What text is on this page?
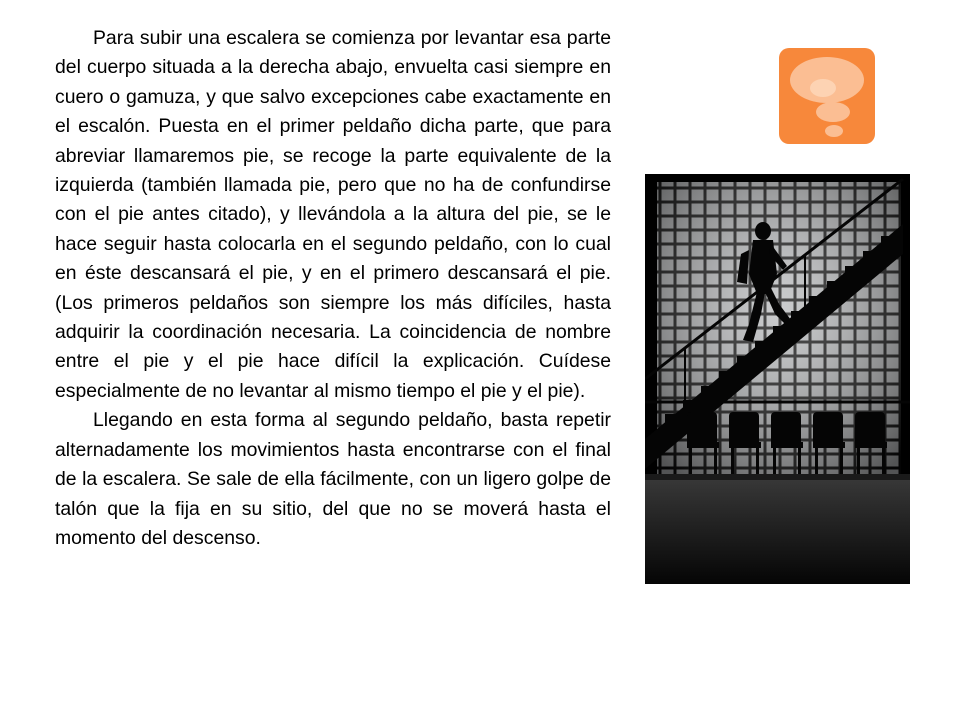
Para subir una escalera se comienza por levantar esa parte del cuerpo situada a la derecha abajo, envuelta casi siempre en cuero o gamuza, y que salvo excepciones cabe exactamente en el escalón. Puesta en el primer peldaño dicha parte, que para abreviar llamaremos pie, se recoge la parte equivalente de la izquierda (también llamada pie, pero que no ha de confundirse con el pie antes citado), y llevándola a la altura del pie, se le hace seguir hasta colocarla en el segundo peldaño, con lo cual en éste descansará el pie, y en el primero descansará el pie. (Los primeros peldaños son siempre los más difíciles, hasta adquirir la coordinación necesaria. La coincidencia de nombre entre el pie y el pie hace difícil la explicación. Cuídese especialmente de no levantar al mismo tiempo el pie y el pie).

Llegando en esta forma al segundo peldaño, basta repetir alternadamente los movimientos hasta encontrarse con el final de la escalera. Se sale de ella fácilmente, con un ligero golpe de talón que la fija en su sitio, del que no se moverá hasta el momento del descenso.
